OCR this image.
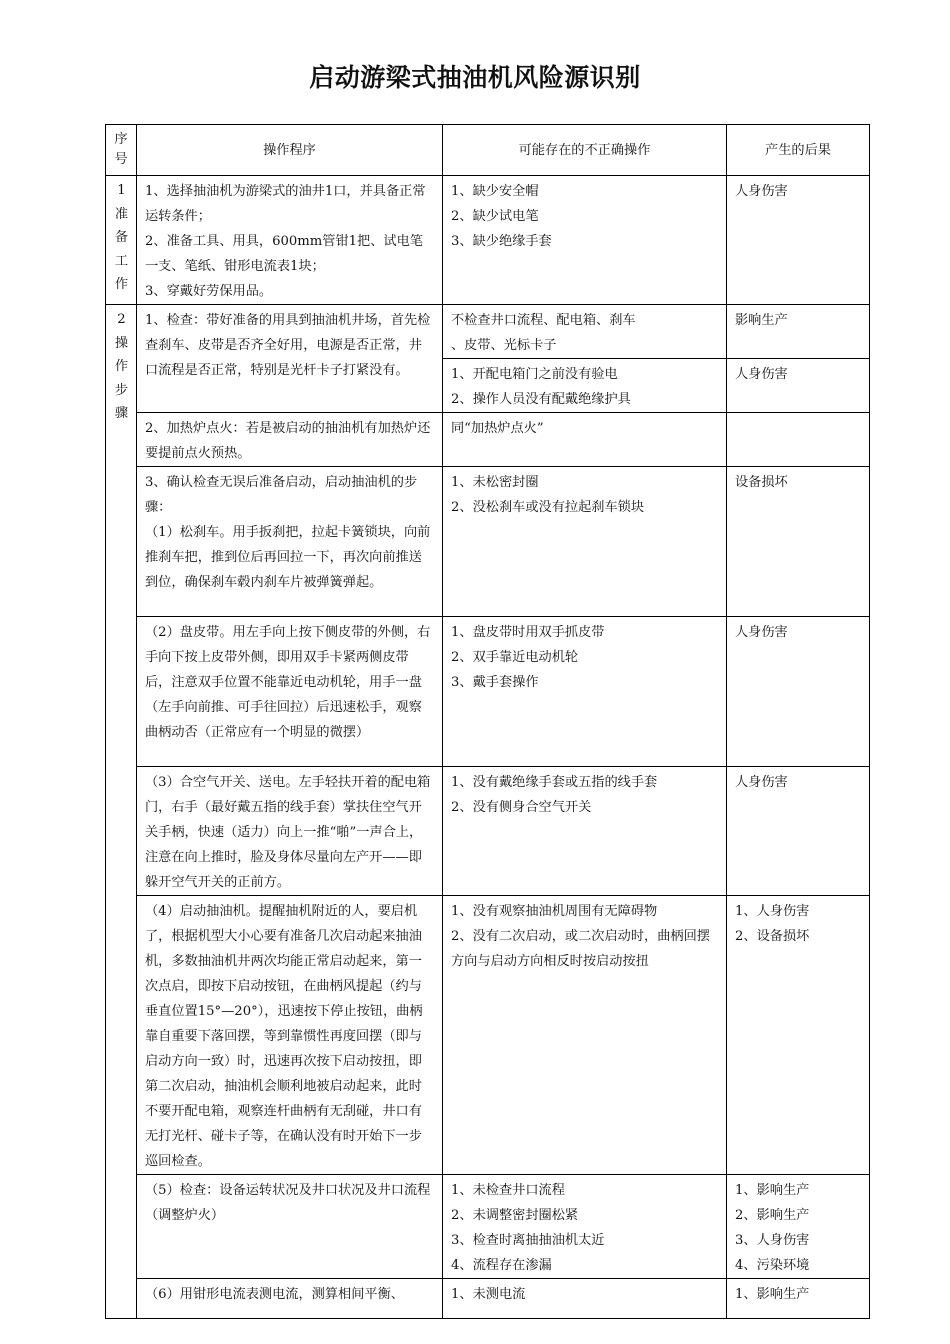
启动游梁式抽油机风险源识别
序
号	操作程序	可能存在的不正确操作	产生的后果

1
准
备
工
作	1、选择抽油机为游梁式的油井1口，并具备正常运转条件；
2、准备工具、用具，600mm管钳1把、试电笔一支、笔纸、钳形电流表1块；
3、穿戴好劳保用品。	1、缺少安全帽
2、缺少试电笔
3、缺少绝缘手套	人身伤害

2
操
作
步
骤	1、检查：带好准备的用具到抽油机井场，首先检查刹车、皮带是否齐全好用，电源是否正常，井口流程是否正常，特别是光杆卡子打紧没有。	不检查井口流程、配电箱、刹车
、皮带、光标卡子	影响生产

		1、开配电箱门之前没有验电
2、操作人员没有配戴绝缘护具	人身伤害

	2、加热炉点火：若是被启动的抽油机有加热炉还要提前点火预热。	同“加热炉点火”	

	3、确认检查无误后准备启动，启动抽油机的步骤：
（1）松刹车。用手扳刹把，拉起卡簧锁块，向前推刹车把，推到位后再回拉一下，再次向前推送到位，确保刹车毂内刹车片被弹簧弹起。	1、未松密封圈
2、没松刹车或没有拉起刹车锁块	设备损坏

	（2）盘皮带。用左手向上按下侧皮带的外侧，右手向下按上皮带外侧，即用双手卡紧两侧皮带后，注意双手位置不能靠近电动机轮，用手一盘（左手向前推、可手往回拉）后迅速松手，观察曲柄动否（正常应有一个明显的微摆）	1、盘皮带时用双手抓皮带
2、双手靠近电动机轮
3、戴手套操作	人身伤害

	（3）合空气开关、送电。左手轻扶开着的配电箱门，右手（最好戴五指的线手套）掌扶住空气开关手柄，快速（适力）向上一推“啪”一声合上，注意在向上推时，脸及身体尽量向左产开——即躲开空气开关的正前方。	1、没有戴绝缘手套或五指的线手套
2、没有侧身合空气开关	人身伤害

	（4）启动抽油机。提醒抽机附近的人，要启机了，根据机型大小心要有准备几次启动起来抽油机，多数抽油机井两次均能正常启动起来，第一次点启，即按下启动按钮，在曲柄风提起（约与垂直位置15°—20°），迅速按下停止按钮，曲柄靠自重要下落回摆，等到靠惯性再度回摆（即与启动方向一致）时，迅速再次按下启动按扭，即第二次启动，抽油机会顺利地被启动起来，此时不要开配电箱，观察连杆曲柄有无刮碰，井口有无打光杆、碰卡子等，在确认没有时开始下一步巡回检查。	1、没有观察抽油机周围有无障碍物
2、没有二次启动，或二次启动时，曲柄回摆方向与启动方向相反时按启动按扭	1、人身伤害
2、设备损坏

	（5）检查：设备运转状况及井口状况及井口流程（调整炉火）	1、未检查井口流程
2、未调整密封圈松紧
3、检查时离抽抽油机太近
4、流程存在渗漏	1、影响生产
2、影响生产
3、人身伤害
4、污染环境

	（6）用钳形电流表测电流，测算相间平衡、	1、未测电流	1、影响生产
